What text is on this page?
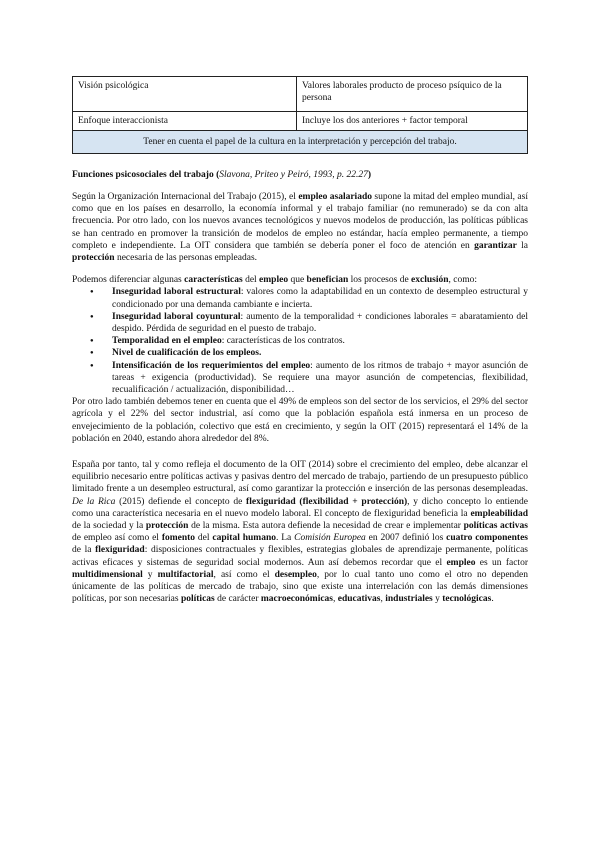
Visión psicológica	Valores laborales producto de proceso psíquico de la persona
Enfoque interaccionista	Incluye los dos anteriores + factor temporal
Tener en cuenta el papel de la cultura en la interpretación y percepción del trabajo.	
Funciones psicosociales del trabajo (Slavona, Priteo y Peiró, 1993, p. 22.27)

Según la Organización Internacional del Trabajo (2015), el empleo asalariado supone la mitad del empleo mundial, así como que en los países en desarrollo, la economía informal y el trabajo familiar (no remunerado) se da con alta frecuencia. Por otro lado, con los nuevos avances tecnológicos y nuevos modelos de producción, las políticas públicas se han centrado en promover la transición de modelos de empleo no estándar, hacía empleo permanente, a tiempo completo e independiente. La OIT considera que también se debería poner el foco de atención en garantizar la protección necesaria de las personas empleadas.

Podemos diferenciar algunas características del empleo que benefician los procesos de exclusión, como:

● Inseguridad laboral estructural: valores como la adaptabilidad en un contexto de desempleo estructural y condicionado por una demanda cambiante e incierta.
● Inseguridad laboral coyuntural: aumento de la temporalidad + condiciones laborales = abaratamiento del despido. Pérdida de seguridad en el puesto de trabajo.
● Temporalidad en el empleo: características de los contratos.
● Nivel de cualificación de los empleos.
● Intensificación de los requerimientos del empleo: aumento de los ritmos de trabajo + mayor asunción de tareas + exigencia (productividad). Se requiere una mayor asunción de competencias, flexibilidad, recualificación / actualización, disponibilidad…

Por otro lado también debemos tener en cuenta que el 49% de empleos son del sector de los servicios, el 29% del sector agrícola y el 22% del sector industrial, así como que la población española está inmersa en un proceso de envejecimiento de la población, colectivo que está en crecimiento, y según la OIT (2015) representará el 14% de la población en 2040, estando ahora alrededor del 8%.

España por tanto, tal y como refleja el documento de la OIT (2014) sobre el crecimiento del empleo, debe alcanzar el equilibrio necesario entre políticas activas y pasivas dentro del mercado de trabajo, partiendo de un presupuesto público limitado frente a un desempleo estructural, así como garantizar la protección e inserción de las personas desempleadas. De la Rica (2015) defiende el concepto de flexiguridad (flexibilidad + protección), y dicho concepto lo entiende como una característica necesaria en el nuevo modelo laboral. El concepto de flexiguridad beneficia la empleabilidad de la sociedad y la protección de la misma. Esta autora defiende la necesidad de crear e implementar políticas activas de empleo así como el fomento del capital humano. La Comisión Europea en 2007 definió los cuatro componentes de la flexiguridad: disposiciones contractuales y flexibles, estrategias globales de aprendizaje permanente, políticas activas eficaces y sistemas de seguridad social modernos. Aun así debemos recordar que el empleo es un factor multidimensional y multifactorial, así como el desempleo, por lo cual tanto uno como el otro no dependen únicamente de las políticas de mercado de trabajo, sino que existe una interrelación con las demás dimensiones políticas, por son necesarias políticas de carácter macroeconómicas, educativas, industriales y tecnológicas.
